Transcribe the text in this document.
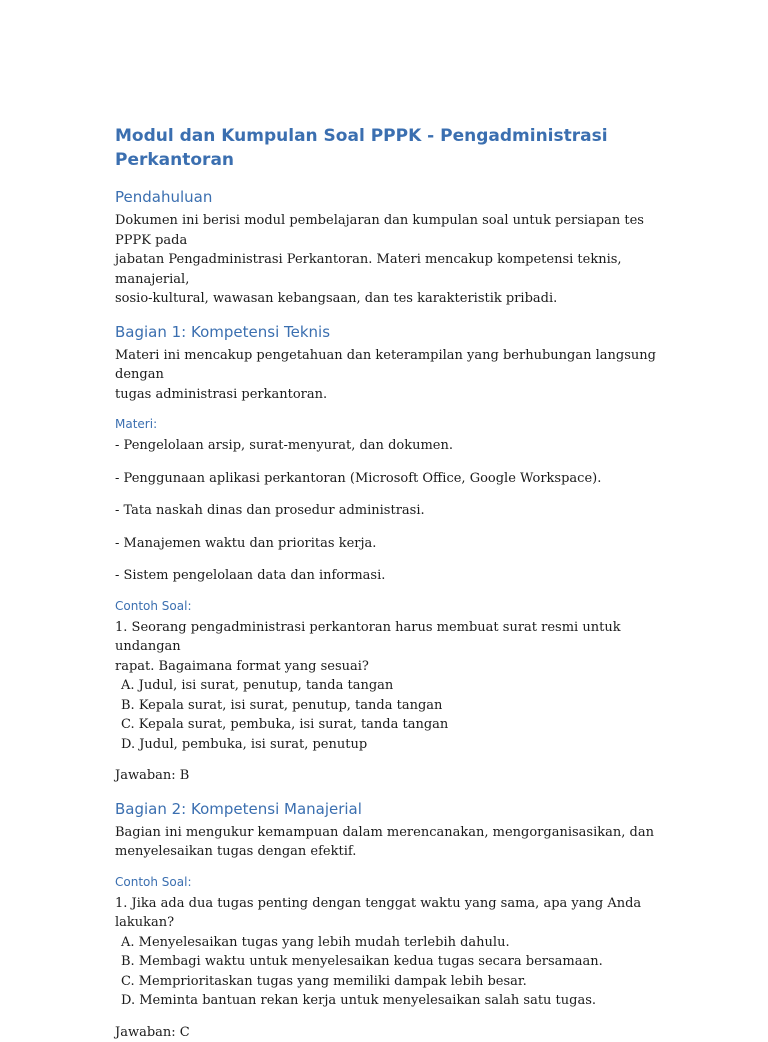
Modul dan Kumpulan Soal PPPK - Pengadministrasi Perkantoran
Pendahuluan

Dokumen ini berisi modul pembelajaran dan kumpulan soal untuk persiapan tes PPPK pada

jabatan Pengadministrasi Perkantoran. Materi mencakup kompetensi teknis, manajerial,

sosio-kultural, wawasan kebangsaan, dan tes karakteristik pribadi.

Bagian 1: Kompetensi Teknis

Materi ini mencakup pengetahuan dan keterampilan yang berhubungan langsung dengan

tugas administrasi perkantoran.

Materi:

- Pengelolaan arsip, surat-menyurat, dan dokumen.

- Penggunaan aplikasi perkantoran (Microsoft Office, Google Workspace).

- Tata naskah dinas dan prosedur administrasi.

- Manajemen waktu dan prioritas kerja.

- Sistem pengelolaan data dan informasi.

Contoh Soal:

1. Seorang pengadministrasi perkantoran harus membuat surat resmi untuk undangan

rapat. Bagaimana format yang sesuai?

A. Judul, isi surat, penutup, tanda tangan

B. Kepala surat, isi surat, penutup, tanda tangan

C. Kepala surat, pembuka, isi surat, tanda tangan

D. Judul, pembuka, isi surat, penutup

Jawaban: B

Bagian 2: Kompetensi Manajerial

Bagian ini mengukur kemampuan dalam merencanakan, mengorganisasikan, dan

menyelesaikan tugas dengan efektif.

Contoh Soal:

1. Jika ada dua tugas penting dengan tenggat waktu yang sama, apa yang Anda lakukan?

A. Menyelesaikan tugas yang lebih mudah terlebih dahulu.

B. Membagi waktu untuk menyelesaikan kedua tugas secara bersamaan.

C. Memprioritaskan tugas yang memiliki dampak lebih besar.

D. Meminta bantuan rekan kerja untuk menyelesaikan salah satu tugas.

Jawaban: C
